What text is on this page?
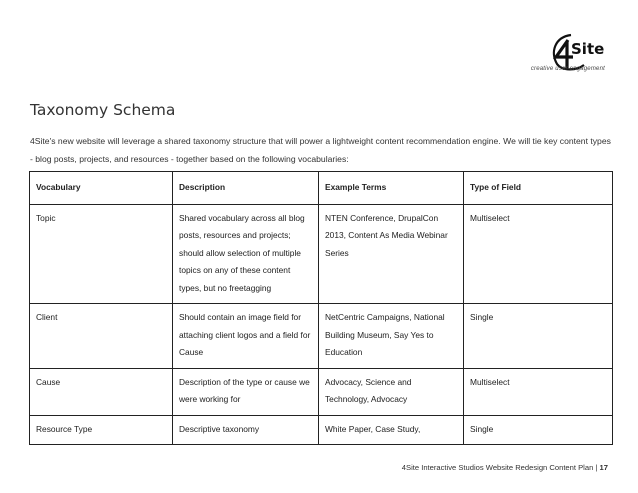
Site
creative user engagement
Taxonomy Schema

4Site's new website will leverage a shared taxonomy structure that will power a lightweight content recommendation engine. We will tie key content types - blog posts, projects, and resources - together based on the following vocabularies:

Vocabulary	Description	Example Terms	Type of Field
Topic	Shared vocabulary across all blog posts, resources and projects; should allow selection of multiple topics on any of these content types, but no freetagging	NTEN Conference, DrupalCon 2013, Content As Media Webinar Series	Multiselect
Client	Should contain an image field for attaching client logos and a field for Cause	NetCentric Campaigns, National Building Museum, Say Yes to Education	Single
Cause	Description of the type or cause we were working for	Advocacy, Science and Technology, Advocacy	Multiselect
Resource Type	Descriptive taxonomy	White Paper, Case Study,	Single
4Site Interactive Studios Website Redesign Content Plan | 17
